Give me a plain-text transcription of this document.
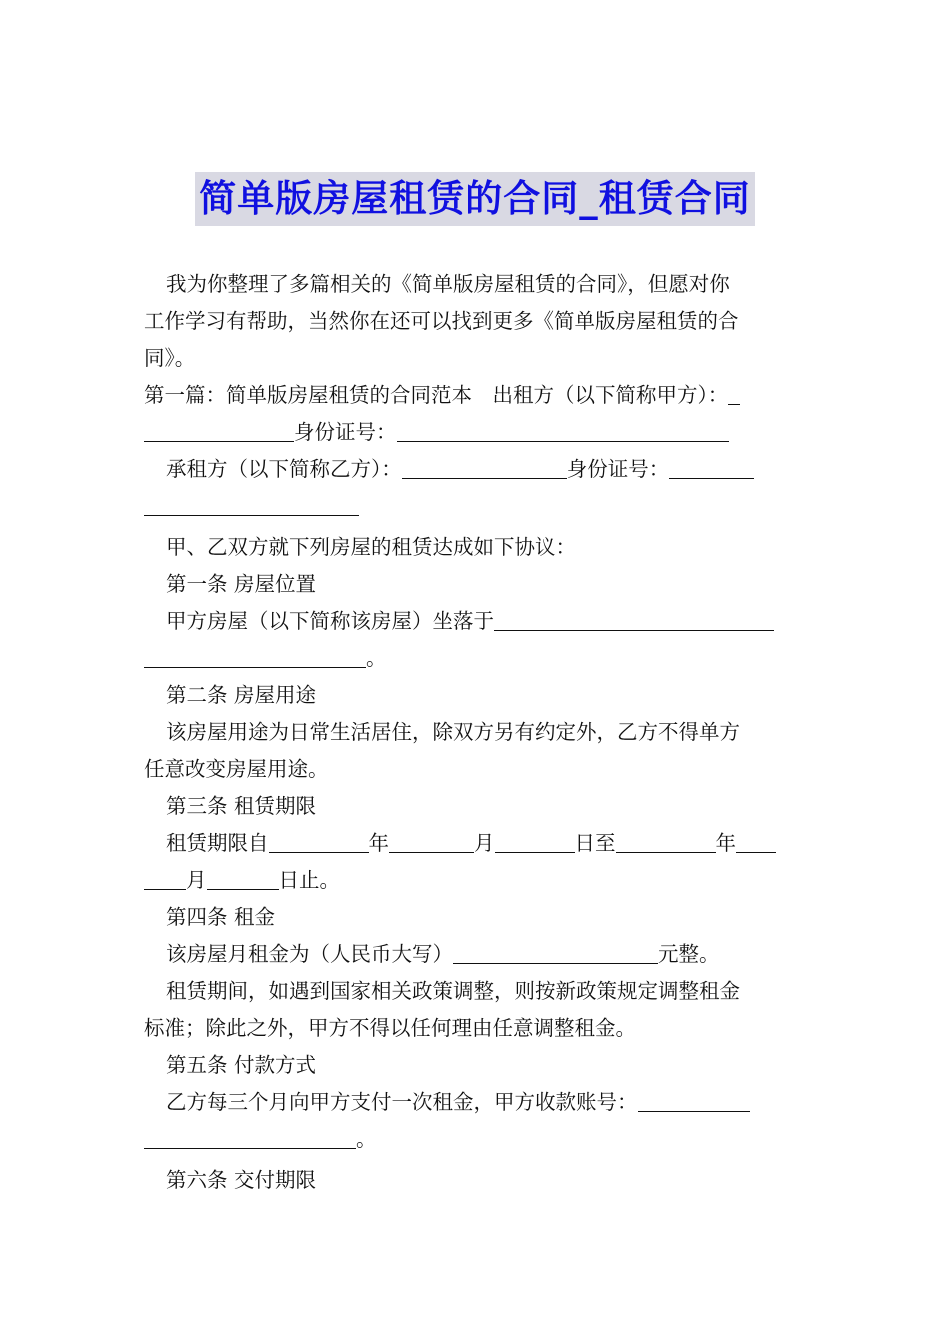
简单版房屋租赁的合同_租赁合同
我为你整理了多篇相关的《简单版房屋租赁的合同》，但愿对你
工作学习有帮助，当然你在还可以找到更多《简单版房屋租赁的合
同》。
第一篇：简单版房屋租赁的合同范本　出租方（以下简称甲方）：
身份证号：
承租方（以下简称乙方）：	身份证号：
甲、乙双方就下列房屋的租赁达成如下协议：
第一条 房屋位置
甲方房屋（以下简称该房屋）坐落于
。
第二条 房屋用途
该房屋用途为日常生活居住，除双方另有约定外，乙方不得单方
任意改变房屋用途。
第三条 租赁期限
租赁期限自	年	月	日至	年
月	日止。
第四条 租金
该房屋月租金为（人民币大写）	元整。
租赁期间，如遇到国家相关政策调整，则按新政策规定调整租金
标准；除此之外，甲方不得以任何理由任意调整租金。
第五条 付款方式
乙方每三个月向甲方支付一次租金，甲方收款账号：
。
第六条 交付期限
